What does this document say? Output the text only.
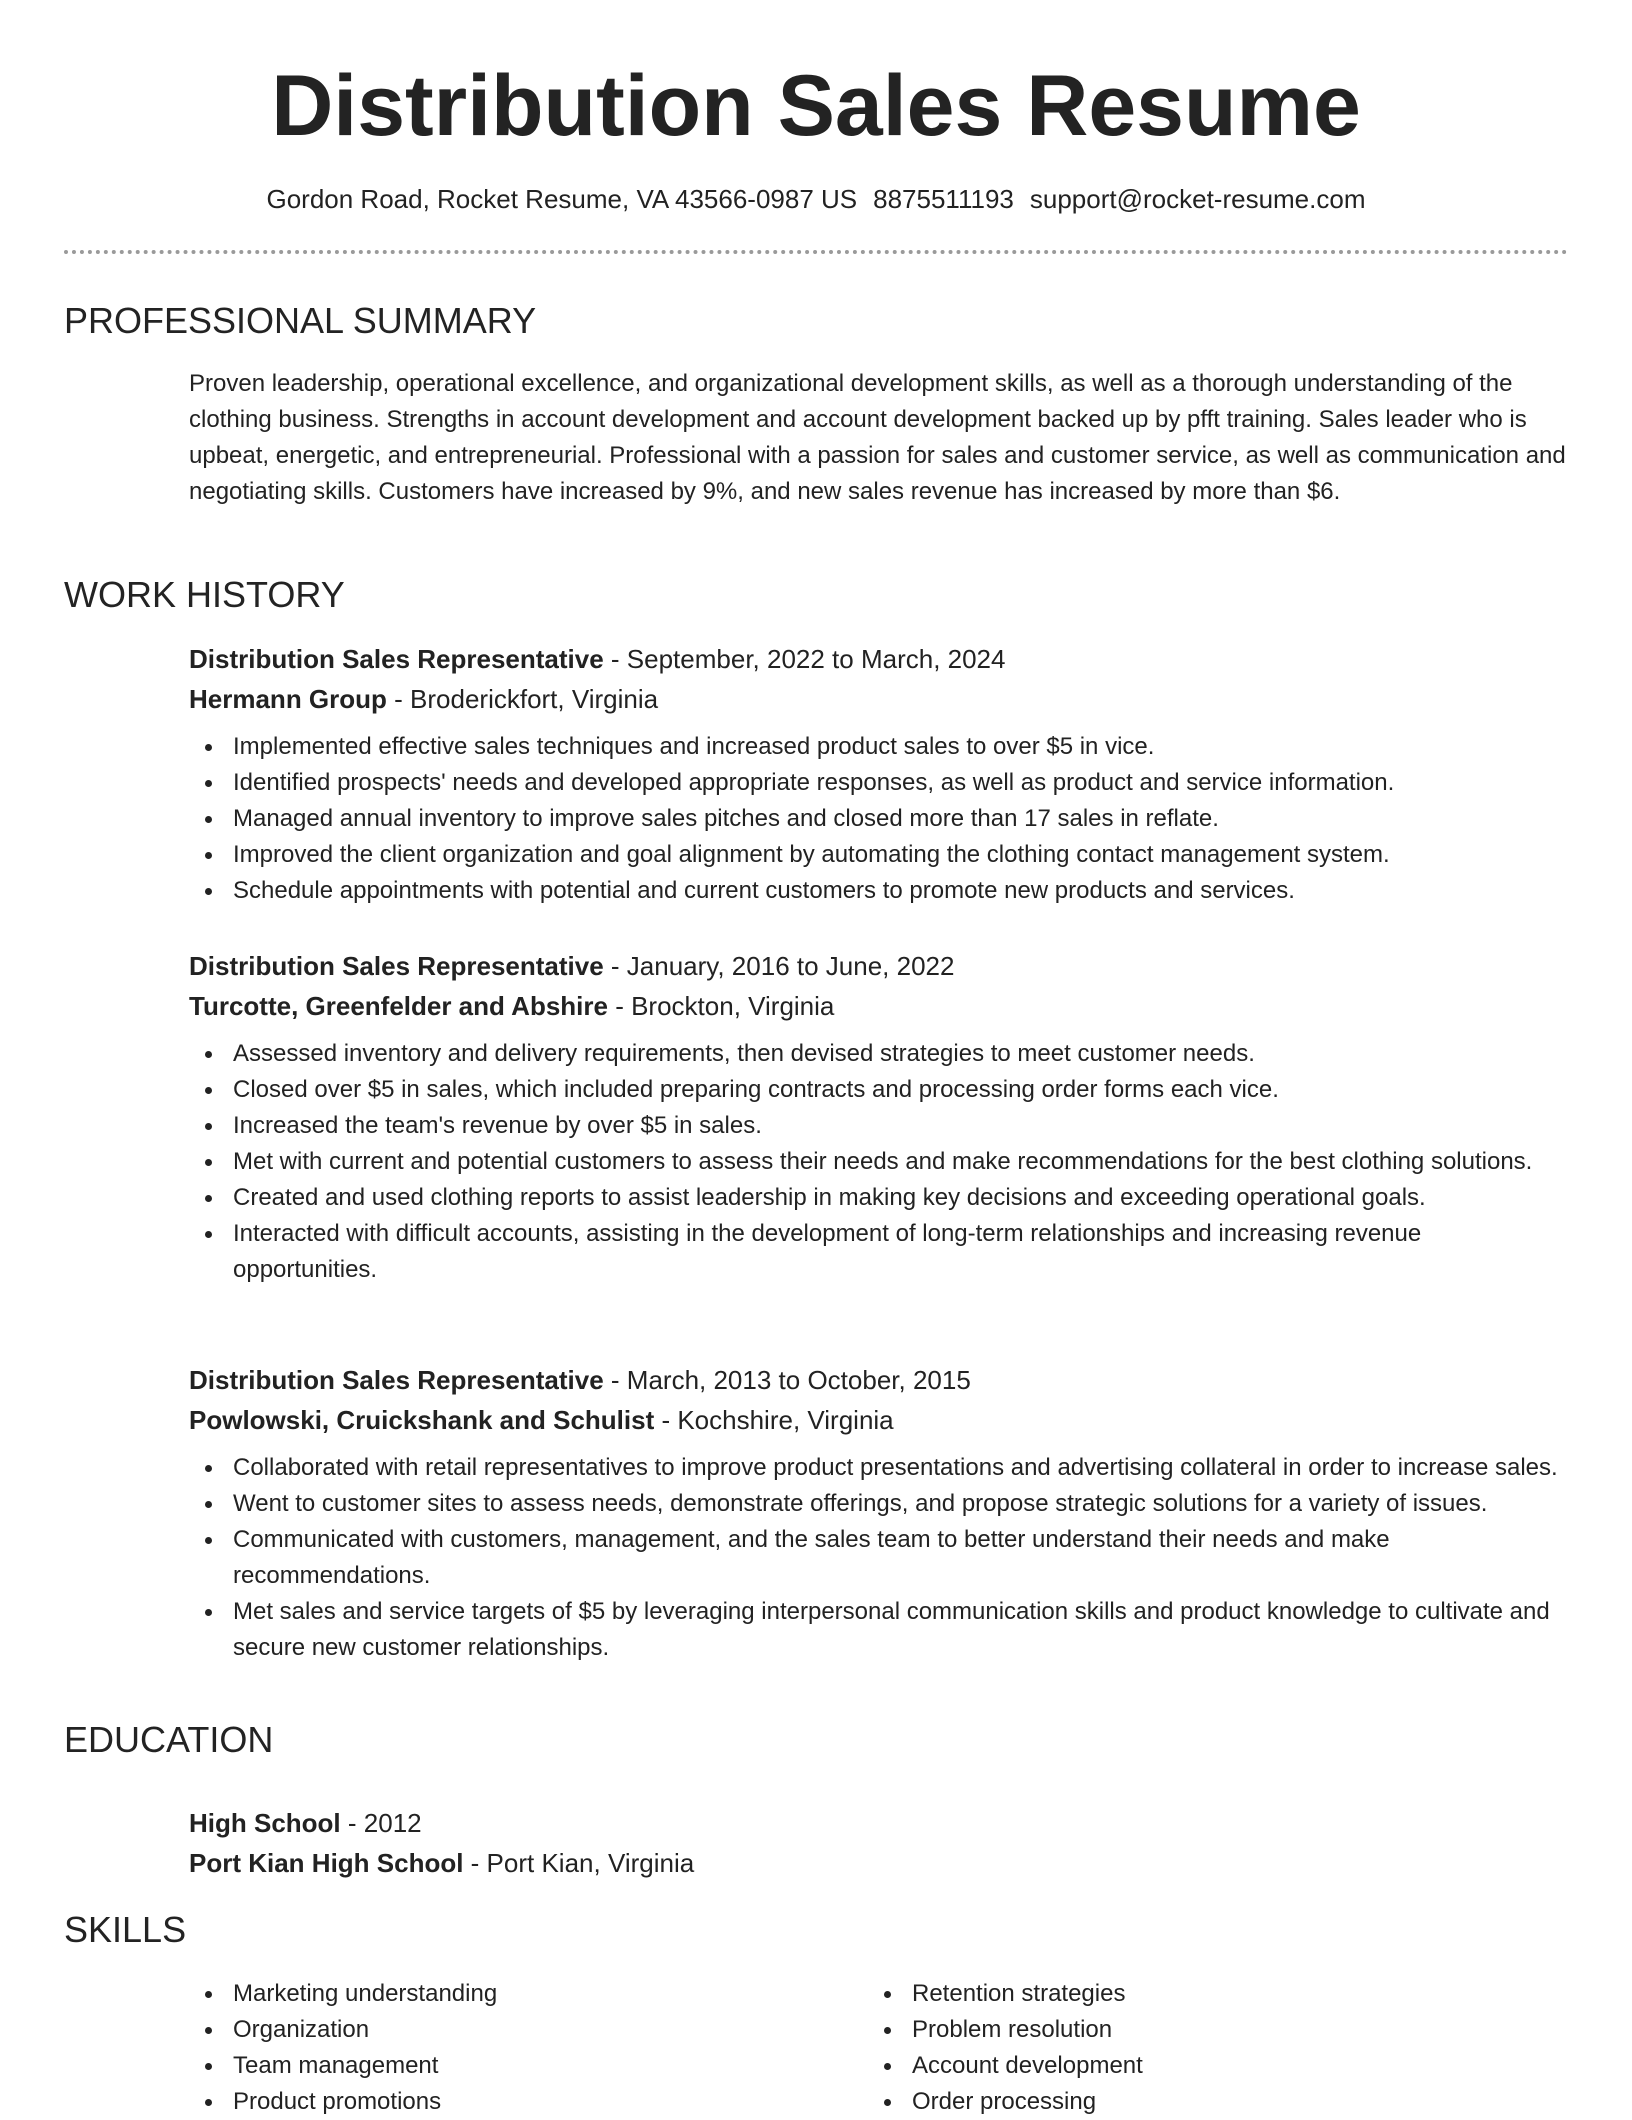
Distribution Sales Resume
Gordon Road, Rocket Resume, VA 43566-0987 US 8875511193 support@rocket-resume.com
PROFESSIONAL SUMMARY
Proven leadership, operational excellence, and organizational development skills, as well as a thorough understanding of the clothing business. Strengths in account development and account development backed up by pfft training. Sales leader who is upbeat, energetic, and entrepreneurial. Professional with a passion for sales and customer service, as well as communication and negotiating skills. Customers have increased by 9%, and new sales revenue has increased by more than $6.
WORK HISTORY
Distribution Sales Representative - September, 2022 to March, 2024
Hermann Group - Broderickfort, Virginia
Implemented effective sales techniques and increased product sales to over $5 in vice.
Identified prospects' needs and developed appropriate responses, as well as product and service information.
Managed annual inventory to improve sales pitches and closed more than 17 sales in reflate.
Improved the client organization and goal alignment by automating the clothing contact management system.
Schedule appointments with potential and current customers to promote new products and services.
Distribution Sales Representative - January, 2016 to June, 2022
Turcotte, Greenfelder and Abshire - Brockton, Virginia
Assessed inventory and delivery requirements, then devised strategies to meet customer needs.
Closed over $5 in sales, which included preparing contracts and processing order forms each vice.
Increased the team's revenue by over $5 in sales.
Met with current and potential customers to assess their needs and make recommendations for the best clothing solutions.
Created and used clothing reports to assist leadership in making key decisions and exceeding operational goals.
Interacted with difficult accounts, assisting in the development of long-term relationships and increasing revenue opportunities.
Distribution Sales Representative - March, 2013 to October, 2015
Powlowski, Cruickshank and Schulist - Kochshire, Virginia
Collaborated with retail representatives to improve product presentations and advertising collateral in order to increase sales.
Went to customer sites to assess needs, demonstrate offerings, and propose strategic solutions for a variety of issues.
Communicated with customers, management, and the sales team to better understand their needs and make recommendations.
Met sales and service targets of $5 by leveraging interpersonal communication skills and product knowledge to cultivate and secure new customer relationships.
EDUCATION
High School - 2012
Port Kian High School - Port Kian, Virginia
SKILLS
Marketing understanding
Organization
Team management
Product promotions
Retention strategies
Problem resolution
Account development
Order processing
